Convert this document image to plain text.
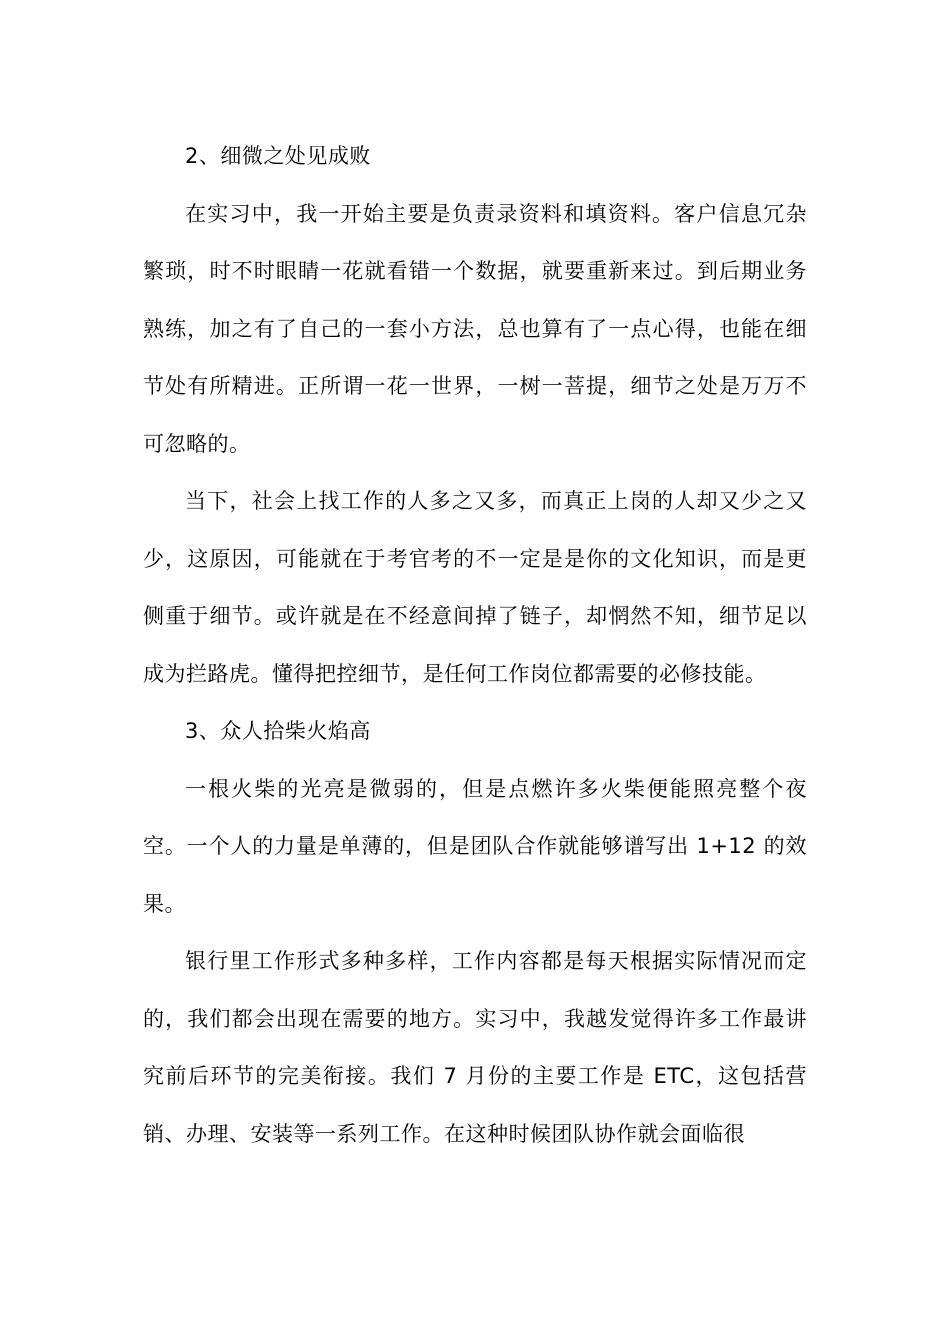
2、细微之处见成败

在实习中，我一开始主要是负责录资料和填资料。客户信息冗杂繁琐，时不时眼睛一花就看错一个数据，就要重新来过。到后期业务熟练，加之有了自己的一套小方法，总也算有了一点心得，也能在细节处有所精进。正所谓一花一世界，一树一菩提，细节之处是万万不可忽略的。

当下，社会上找工作的人多之又多，而真正上岗的人却又少之又少，这原因，可能就在于考官考的不一定是是你的文化知识，而是更侧重于细节。或许就是在不经意间掉了链子，却惘然不知，细节足以成为拦路虎。懂得把控细节，是任何工作岗位都需要的必修技能。

3、众人拾柴火焰高

一根火柴的光亮是微弱的，但是点燃许多火柴便能照亮整个夜空。一个人的力量是单薄的，但是团队合作就能够谱写出 1+12 的效果。

银行里工作形式多种多样，工作内容都是每天根据实际情况而定的，我们都会出现在需要的地方。实习中，我越发觉得许多工作最讲究前后环节的完美衔接。我们 7 月份的主要工作是 ETC，这包括营销、办理、安装等一系列工作。在这种时候团队协作就会面临很
